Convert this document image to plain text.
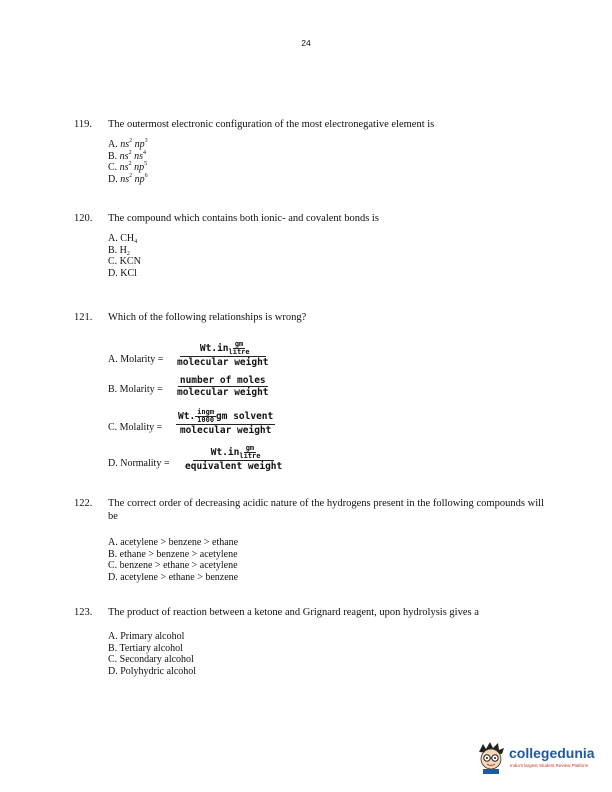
24
119. The outermost electronic configuration of the most electronegative element is
A. $ns^2$ $np^3$
B. $ns^2$ $ns^4$
C. $ns^2$ $np^5$
D. $ns^2$ $np^6$
120. The compound which contains both ionic- and covalent bonds is
A. $CH_4$
B. $H_2$
C. KCN
D. KCl
121. Which of the following relationships is wrong?
A. Molarity =
$Wt.in \frac{gm}{\text{litre}}$
molecular weight
B. Molarity =
number of moles
molecular weight
C. Molality =
Wt. $\frac{\text{ingm}}{1000}$ gm solvent
molecular weight
D. Normality =
$Wt.in \frac{gm}{\text{litre}}$
equivalent weight
122. The correct order of decreasing acidic nature of the hydrogens present in the following compounds will be
A. acetylene > benzene > ethane
B. ethane > benzene > acetylene
C. benzene > ethane > acetylene
D. acetylene > ethane > benzene
123. The product of reaction between a ketone and Grignard reagent, upon hydrolysis gives a
A. Primary alcohol
B. Tertiary alcohol
C. Secondary alcohol
D. Polyhydric alcohol
collegedunia
India's largest Student Review Platform
